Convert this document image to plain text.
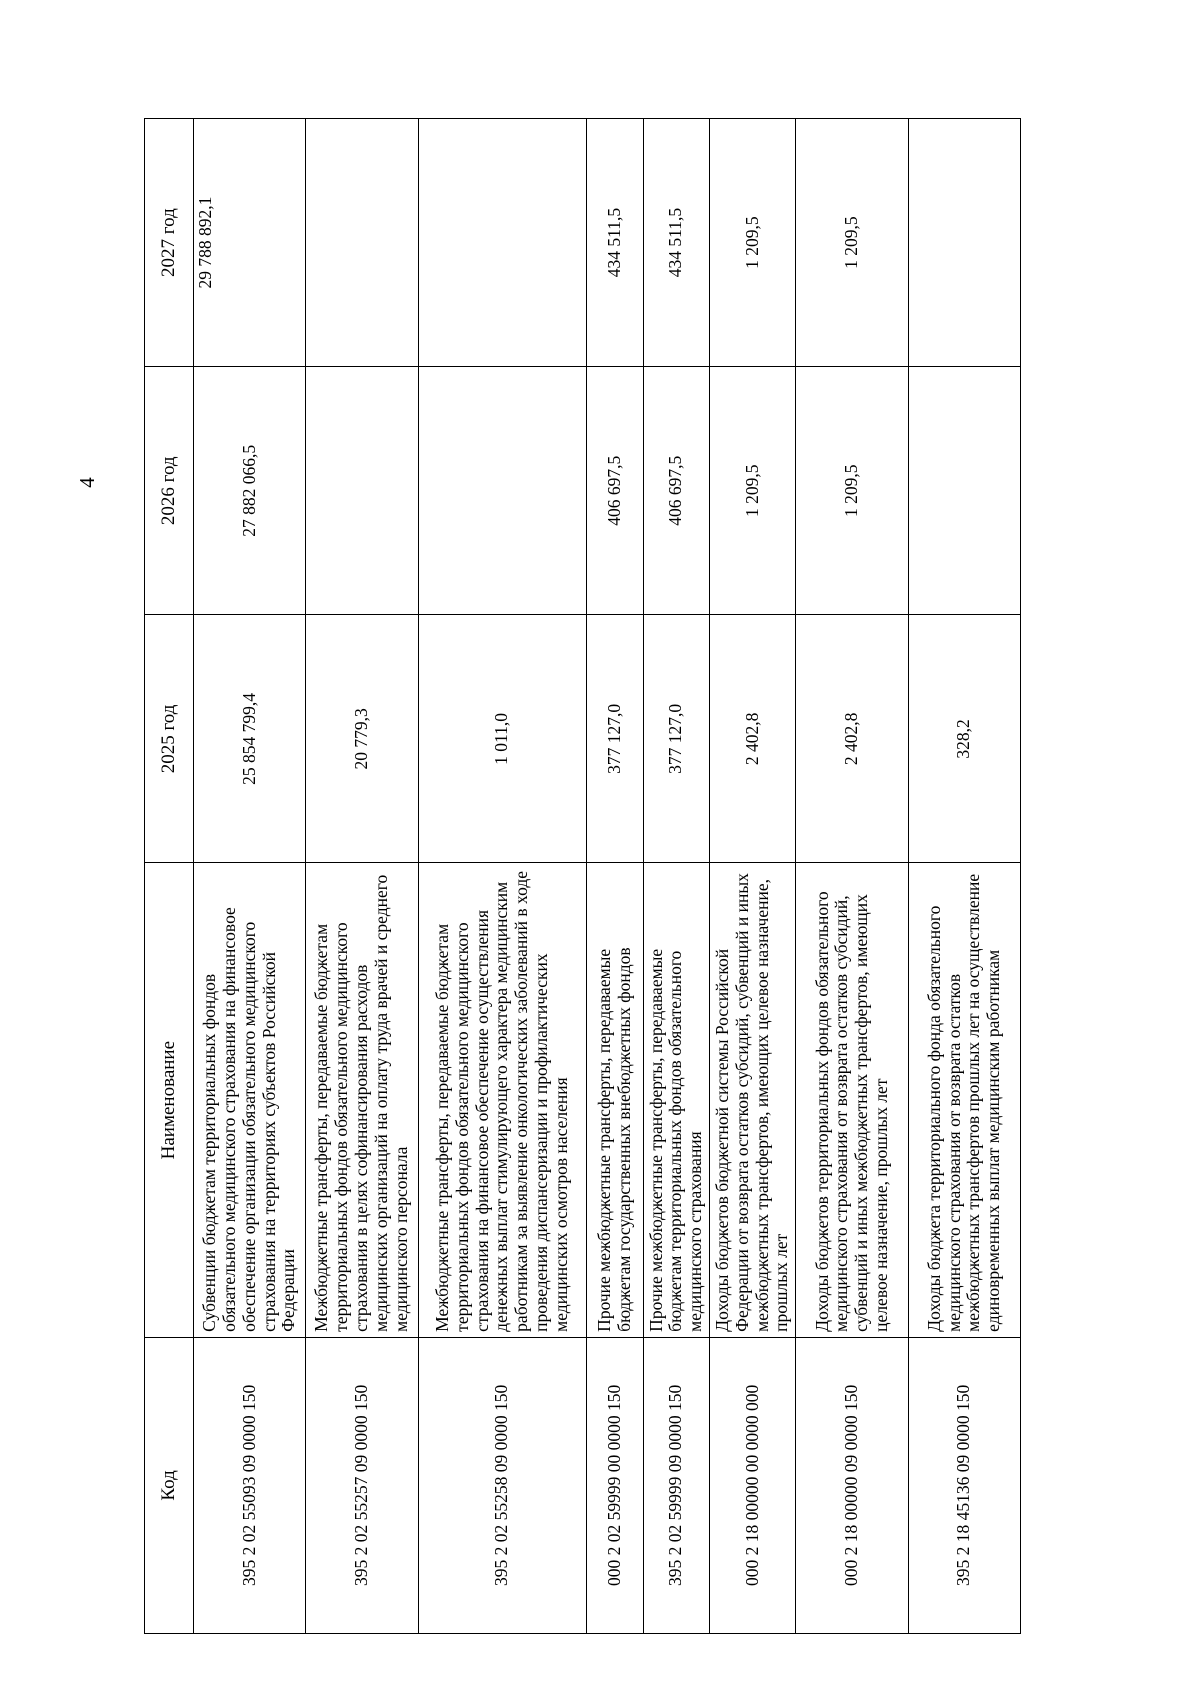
4
Код	Наименование	2025 год	2026 год	2027 год
395 2 02 55093 09 0000 150	Субвенции бюджетам территориальных фондов обязательного медицинского страхования на финансовое обеспечение организации обязательного медицинского страхования на территориях субъектов Российской Федерации	25 854 799,4	27 882 066,5	29 788 892,1
395 2 02 55257 09 0000 150	Межбюджетные трансферты, передаваемые бюджетам территориальных фондов обязательного медицинского страхования в целях софинансирования расходов медицинских организаций на оплату труда врачей и среднего медицинского персонала	20 779,3		
395 2 02 55258 09 0000 150	Межбюджетные трансферты, передаваемые бюджетам территориальных фондов обязательного медицинского страхования на финансовое обеспечение осуществления денежных выплат стимулирующего характера медицинским работникам за выявление онкологических заболеваний в ходе проведения диспансеризации и профилактических медицинских осмотров населения	1 011,0		
000 2 02 59999 00 0000 150	Прочие межбюджетные трансферты, передаваемые бюджетам государственных внебюджетных фондов	377 127,0	406 697,5	434 511,5
395 2 02 59999 09 0000 150	Прочие межбюджетные трансферты, передаваемые бюджетам территориальных фондов обязательного медицинского страхования	377 127,0	406 697,5	434 511,5
000 2 18 00000 00 0000 000	Доходы бюджетов бюджетной системы Российской Федерации от возврата остатков субсидий, субвенций и иных межбюджетных трансфертов, имеющих целевое назначение, прошлых лет	2 402,8	1 209,5	1 209,5
000 2 18 00000 09 0000 150	Доходы бюджетов территориальных фондов обязательного медицинского страхования от возврата остатков субсидий, субвенций и иных межбюджетных трансфертов, имеющих целевое назначение, прошлых лет	2 402,8	1 209,5	1 209,5
395 2 18 45136 09 0000 150	Доходы бюджета территориального фонда обязательного медицинского страхования от возврата остатков межбюджетных трансфертов прошлых лет на осуществление единовременных выплат медицинским работникам	328,2		
